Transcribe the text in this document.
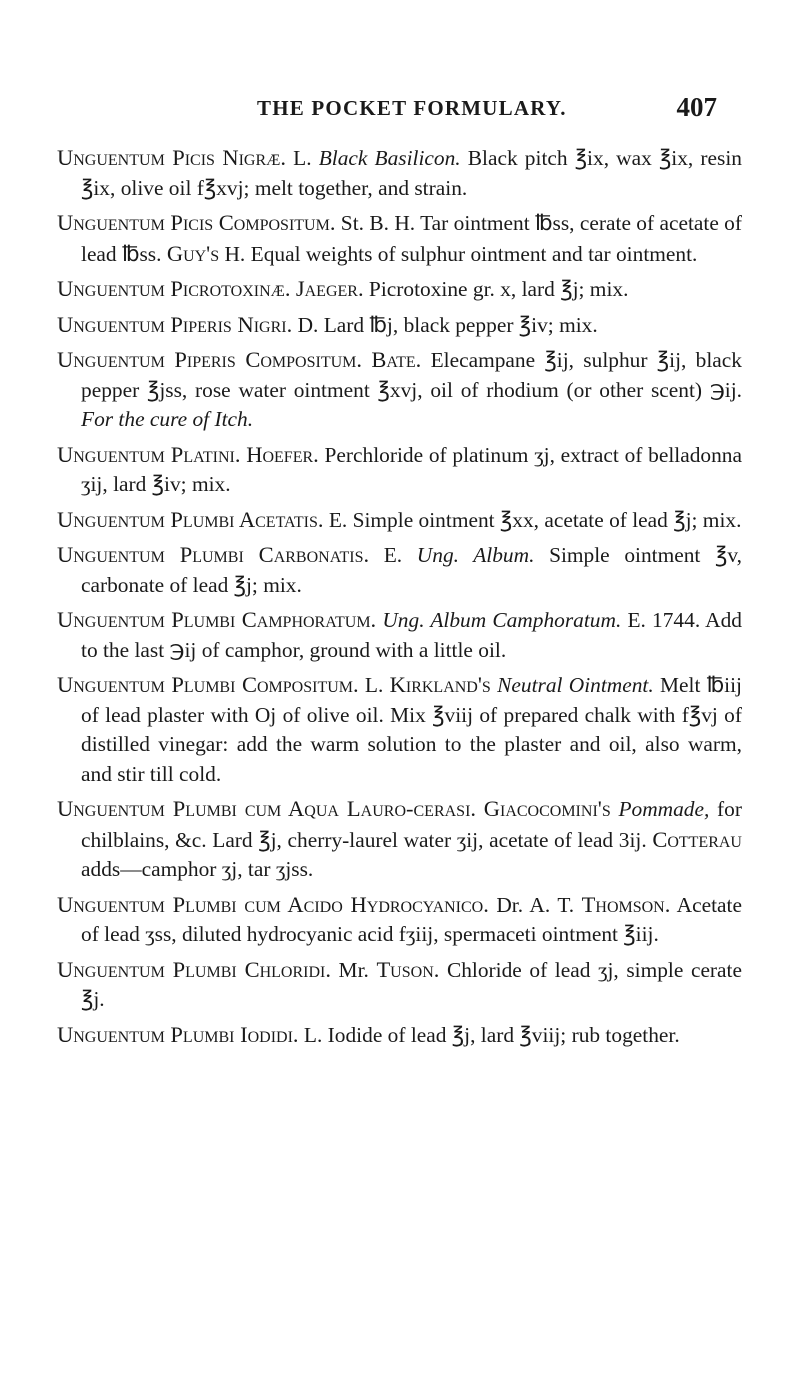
THE POCKET FORMULARY.	407

Unguentum Picis Nigræ. L. Black Basilicon. Black pitch ℥ix, wax ℥ix, resin ℥ix, olive oil f℥xvj; melt together, and strain.

Unguentum Picis Compositum. St. B. H. Tar ointment ℔ss, cerate of acetate of lead ℔ss. Guy's H. Equal weights of sulphur ointment and tar ointment.

Unguentum Picrotoxinæ. Jaeger. Picrotoxine gr. x, lard ℥j; mix.

Unguentum Piperis Nigri. D. Lard ℔j, black pepper ℥iv; mix.

Unguentum Piperis Compositum. Bate. Elecampane ℥ij, sulphur ℥ij, black pepper ℥jss, rose water ointment ℥xvj, oil of rhodium (or other scent) ℈ij. For the cure of Itch.

Unguentum Platini. Hoefer. Perchloride of platinum ʒj, extract of belladonna ʒij, lard ℥iv; mix.

Unguentum Plumbi Acetatis. E. Simple ointment ℥xx, acetate of lead ℥j; mix.

Unguentum Plumbi Carbonatis. E. Ung. Album. Simple ointment ℥v, carbonate of lead ℥j; mix.

Unguentum Plumbi Camphoratum. Ung. Album Camphoratum. E. 1744. Add to the last ℈ij of camphor, ground with a little oil.

Unguentum Plumbi Compositum. L. Kirkland's Neutral Ointment. Melt ℔iij of lead plaster with Oj of olive oil. Mix ℥viij of prepared chalk with f℥vj of distilled vinegar: add the warm solution to the plaster and oil, also warm, and stir till cold.

Unguentum Plumbi cum Aqua Lauro-cerasi. Giacocomini's Pommade, for chilblains, &c. Lard ℥j, cherry-laurel water ʒij, acetate of lead 3ij. Cotterau adds—camphor ʒj, tar ʒjss.

Unguentum Plumbi cum Acido Hydrocyanico. Dr. A. T. Thomson. Acetate of lead ʒss, diluted hydrocyanic acid fʒiij, spermaceti ointment ℥iij.

Unguentum Plumbi Chloridi. Mr. Tuson. Chloride of lead ʒj, simple cerate ℥j.

Unguentum Plumbi Iodidi. L. Iodide of lead ℥j, lard ℥viij; rub together.
